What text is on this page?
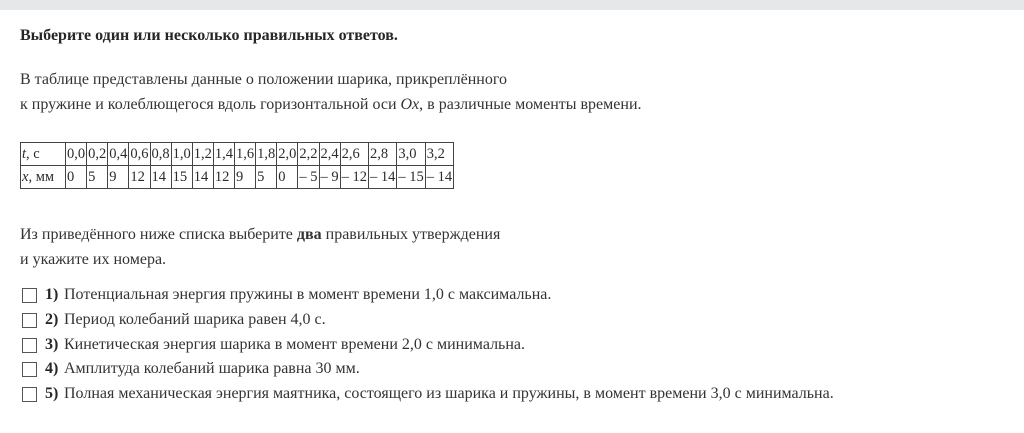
Выберите один или несколько правильных ответов.
В таблице представлены данные о положении шарика, прикреплённого
к пружине и колеблющегося вдоль горизонтальной оси Ox, в различные моменты времени.
t, с	0,0	0,2	0,4	0,6	0,8	1,0	1,2	1,4	1,6	1,8	2,0	2,2	2,4	2,6	2,8	3,0	3,2
x, мм	0	5	9	12	14	15	14	12	9	5	0	– 5	– 9	– 12	– 14	– 15	– 14
Из приведённого ниже списка выберите два правильных утверждения
и укажите их номера.
1) Потенциальная энергия пружины в момент времени 1,0 с максимальна.
2) Период колебаний шарика равен 4,0 с.
3) Кинетическая энергия шарика в момент времени 2,0 с минимальна.
4) Амплитуда колебаний шарика равна 30 мм.
5) Полная механическая энергия маятника, состоящего из шарика и пружины, в момент времени 3,0 с минимальна.
